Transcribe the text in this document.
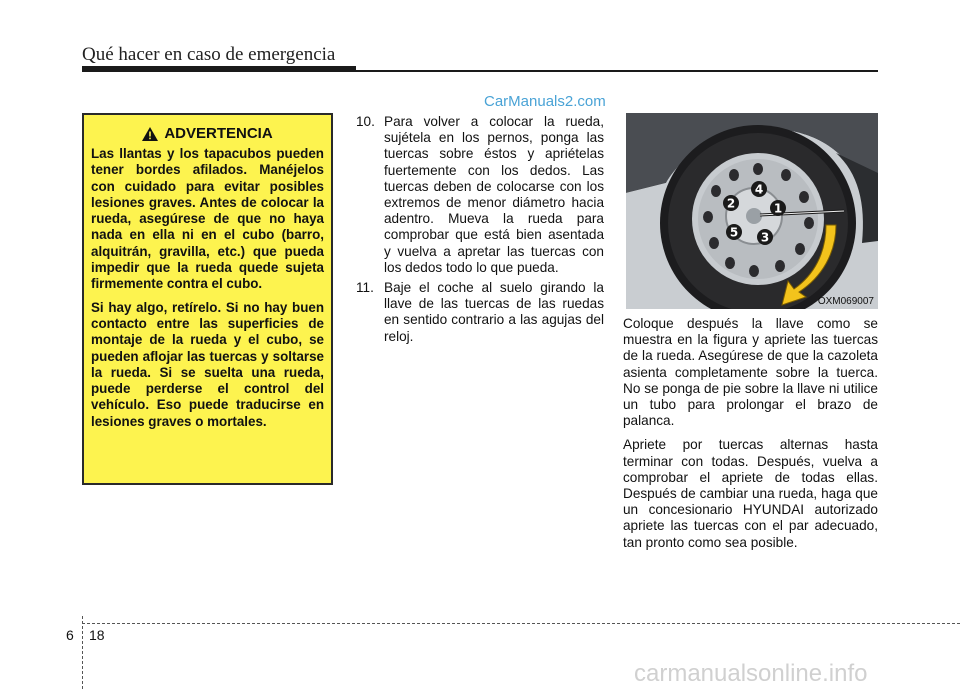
Qué hacer en caso de emergencia
CarManuals2.com
ADVERTENCIA

Las llantas y los tapacubos pueden tener bordes afilados. Manéjelos con cuidado para evitar posibles lesiones graves. Antes de colocar la rueda, asegúrese de que no haya nada en ella ni en el cubo (barro, alquitrán, gravilla, etc.) que pueda impedir que la rueda quede sujeta firmemente contra el cubo.

Si hay algo, retírelo. Si no hay buen contacto entre las superficies de montaje de la rueda y el cubo, se pueden aflojar las tuercas y soltarse la rueda. Si se suelta una rueda, puede perderse el control del vehículo. Eso puede traducirse en lesiones graves o mortales.

10. Para volver a colocar la rueda, sujétela en los pernos, ponga las tuercas sobre éstos y apriételas fuertemente con los dedos. Las tuercas deben de colocarse con los extremos de menor diámetro hacia adentro. Mueva la rueda para comprobar que está bien asentada y vuelva a apretar las tuercas con los dedos todo lo que pueda.
11. Baje el coche al suelo girando la llave de las tuercas de las ruedas en sentido contrario a las agujas del reloj.
1
2
3
4
5
OXM069007

Coloque después la llave como se muestra en la figura y apriete las tuercas de la rueda. Asegúrese de que la cazoleta asienta completamente sobre la tuerca. No se ponga de pie sobre la llave ni utilice un tubo para prolongar el brazo de palanca.

Apriete por tuercas alternas hasta terminar con todas. Después, vuelva a comprobar el apriete de todas ellas. Después de cambiar una rueda, haga que un concesionario HYUNDAI autorizado apriete las tuercas con el par adecuado, tan pronto como sea posible.

6 18
carmanualsonline.info
